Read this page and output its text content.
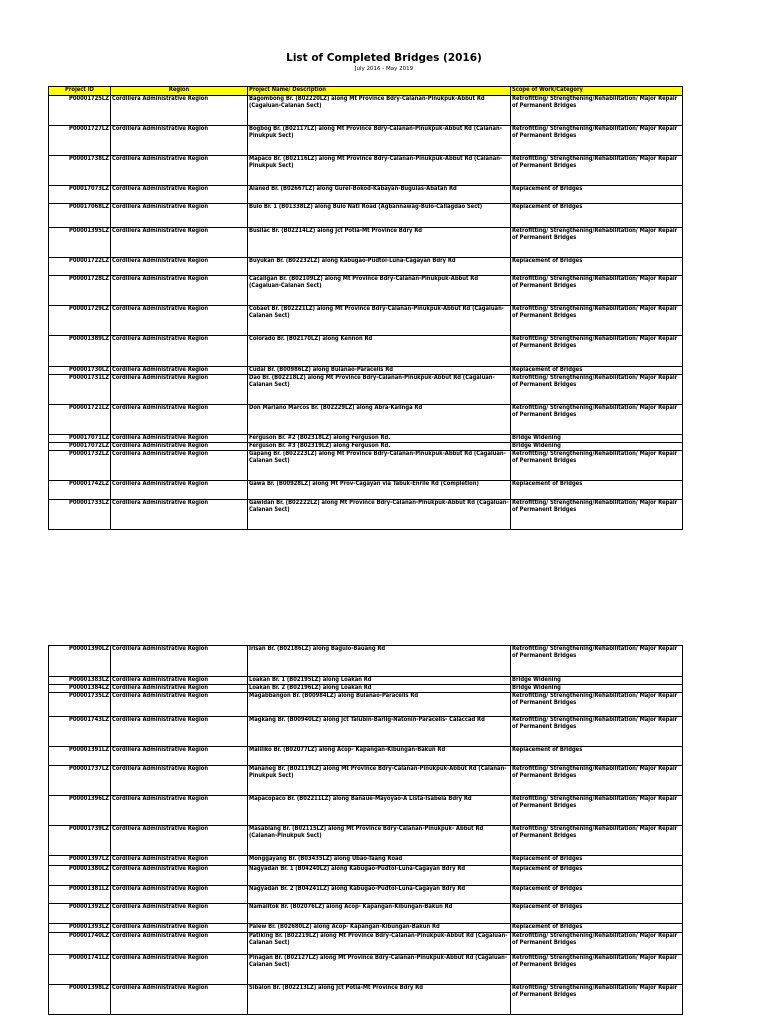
List of Completed Bridges (2016)
July 2016 - May 2019
Project ID	Region	Project Name/ Description	Scope of Work/Category
P00001725LZ	Cordillera Administrative Region	Bagombong Br. (B02220LZ) along Mt Province Bdry-Calanan-Pinukpuk-Abbut Rd (Cagaluan-Calanan Sect)	Retrofitting/ Strengthening/Rehabilitation/ Major Repair of Permanent Bridges
P00001727LZ	Cordillera Administrative Region	Bogbog Br. (B02117LZ) along Mt Province Bdry-Calanan-Pinukpuk-Abbut Rd (Calanan-Pinukpuk Sect)	Retrofitting/ Strengthening/Rehabilitation/ Major Repair of Permanent Bridges
P00001738LZ	Cordillera Administrative Region	Mapaco Br. (B02116LZ) along Mt Province Bdry-Calanan-Pinukpuk-Abbut Rd (Calanan-Pinukpuk Sect)	Retrofitting/ Strengthening/Rehabilitation/ Major Repair of Permanent Bridges
P00017073LZ	Cordillera Administrative Region	Alaned Br. (B02667LZ) along Gurel-Bokod-Kabayan-Buguias-Abatan Rd	Replacement of Bridges
P00017068LZ	Cordillera Administrative Region	Bulo Br. 1 (B01338LZ) along Bulo Natl Road (Agbannawag-Bulo-Callagdao Sect)	Replacement of Bridges
P00001395LZ	Cordillera Administrative Region	Busilac Br. (B02214LZ) along Jct Potia-Mt Province Bdry Rd	Retrofitting/ Strengthening/Rehabilitation/ Major Repair of Permanent Bridges
P00001722LZ	Cordillera Administrative Region	Buyukan Br. (B02232LZ) along Kabugao-Pudtol-Luna-Cagayan Bdry Rd	Replacement of Bridges
P00001728LZ	Cordillera Administrative Region	Cacaligan Br. (B02109LZ) along Mt Province Bdry-Calanan-Pinukpuk-Abbut Rd (Cagaluan-Calanan Sect)	Retrofitting/ Strengthening/Rehabilitation/ Major Repair of Permanent Bridges
P00001729LZ	Cordillera Administrative Region	Cobaet Br. (B02221LZ) along Mt Province Bdry-Calanan-Pinukpuk-Abbut Rd (Cagaluan-Calanan Sect)	Retrofitting/ Strengthening/Rehabilitation/ Major Repair of Permanent Bridges
P00001389LZ	Cordillera Administrative Region	Colorado Br. (B02170LZ) along Kennon Rd	Retrofitting/ Strengthening/Rehabilitation/ Major Repair of Permanent Bridges
P00001730LZ	Cordillera Administrative Region	Cudal Br. (B00986LZ) along Bulanao-Paracelis Rd	Replacement of Bridges
P00001731LZ	Cordillera Administrative Region	Dao Br. (B02218LZ) along Mt Province Bdry-Calanan-Pinukpuk-Abbut Rd (Cagaluan-Calanan Sect)	Retrofitting/ Strengthening/Rehabilitation/ Major Repair of Permanent Bridges
P00001721LZ	Cordillera Administrative Region	Don Mariano Marcos Br. (B02229LZ) along Abra-Kalinga Rd	Retrofitting/ Strengthening/Rehabilitation/ Major Repair of Permanent Bridges
P00017071LZ	Cordillera Administrative Region	Ferguson Br. #2 (B02318LZ) along Ferguson Rd.	Bridge Widening
P00017072LZ	Cordillera Administrative Region	Ferguson Br. #3 (B02319LZ) along Ferguson Rd.	Bridge Widening
P00001732LZ	Cordillera Administrative Region	Gapang Br. (B02223LZ) along Mt Province Bdry-Calanan-Pinukpuk-Abbut Rd (Cagaluan-Calanan Sect)	Retrofitting/ Strengthening/Rehabilitation/ Major Repair of Permanent Bridges
P00001742LZ	Cordillera Administrative Region	Gawa Br. (B00928LZ) along Mt Prov-Cagayan via Tabuk-Enrile Rd (Completion)	Replacement of Bridges
P00001733LZ	Cordillera Administrative Region	Gawidan Br. (B02222LZ) along Mt Province Bdry-Calanan-Pinukpuk-Abbut Rd (Cagaluan-Calanan Sect)	Retrofitting/ Strengthening/Rehabilitation/ Major Repair of Permanent Bridges
P00001390LZ	Cordillera Administrative Region	Irisan Br. (B02186LZ) along Baguio-Bauang Rd	Retrofitting/ Strengthening/Rehabilitation/ Major Repair of Permanent Bridges
P00001383LZ	Cordillera Administrative Region	Loakan Br. 1 (B02195LZ) along Loakan Rd	Bridge Widening
P00001384LZ	Cordillera Administrative Region	Loakan Br. 2 (B02196LZ) along Loakan Rd	Bridge Widening
P00001735LZ	Cordillera Administrative Region	Magabbangon Br. (B00984LZ) along Bulanao-Paracelis Rd	Retrofitting/ Strengthening/Rehabilitation/ Major Repair of Permanent Bridges
P00001743LZ	Cordillera Administrative Region	Magkang Br. (B00940LZ) along Jct Talubin-Barlig-Natonin-Paracelis- Calaccad Rd	Retrofitting/ Strengthening/Rehabilitation/ Major Repair of Permanent Bridges
P00001391LZ	Cordillera Administrative Region	Maliliko Br. (B02077LZ) along Acop- Kapangan-Kibungan-Bakun Rd	Replacement of Bridges
P00001737LZ	Cordillera Administrative Region	Mananeg Br. (B02119LZ) along Mt Province Bdry-Calanan-Pinukpuk-Abbut Rd (Calanan-Pinukpuk Sect)	Retrofitting/ Strengthening/Rehabilitation/ Major Repair of Permanent Bridges
P00001396LZ	Cordillera Administrative Region	Mapacopaco Br. (B02211LZ) along Banaue-Mayoyao-A Lista-Isabela Bdry Rd	Retrofitting/ Strengthening/Rehabilitation/ Major Repair of Permanent Bridges
P00001739LZ	Cordillera Administrative Region	Masablang Br. (B02115LZ) along Mt Province Bdry-Calanan-Pinukpuk- Abbut Rd (Calanan-Pinukpuk Sect)	Retrofitting/ Strengthening/Rehabilitation/ Major Repair of Permanent Bridges
P00001397LZ	Cordillera Administrative Region	Monggayang Br. (B03435LZ) along Ubao-Taang Road	Replacement of Bridges
P00001380LZ	Cordillera Administrative Region	Nagyadan Br. 1 (B04240LZ) along Kabugao-Pudtol-Luna-Cagayan Bdry Rd	Replacement of Bridges
P00001381LZ	Cordillera Administrative Region	Nagyadan Br. 2 (B04241LZ) along Kabugao-Pudtol-Luna-Cagayan Bdry Rd	Replacement of Bridges
P00001392LZ	Cordillera Administrative Region	Namalitok Br. (B02076LZ) along Acop- Kapangan-Kibungan-Bakun Rd	Replacement of Bridges
P00001393LZ	Cordillera Administrative Region	Palew Br. (B02680LZ) along Acop- Kapangan-Kibungan-Bakun Rd	Replacement of Bridges
P00001740LZ	Cordillera Administrative Region	Patiking Br. (B02219LZ) along Mt Province Bdry-Calanan-Pinukpuk-Abbut Rd (Cagaluan-Calanan Sect)	Retrofitting/ Strengthening/Rehabilitation/ Major Repair of Permanent Bridges
P00001741LZ	Cordillera Administrative Region	Pinagan Br. (B02127LZ) along Mt Province Bdry-Calanan-Pinukpuk-Abbut Rd (Cagaluan-Calanan Sect)	Retrofitting/ Strengthening/Rehabilitation/ Major Repair of Permanent Bridges
P00001398LZ	Cordillera Administrative Region	Sibalon Br. (B02213LZ) along Jct Potia-Mt Province Bdry Rd	Retrofitting/ Strengthening/Rehabilitation/ Major Repair of Permanent Bridges
